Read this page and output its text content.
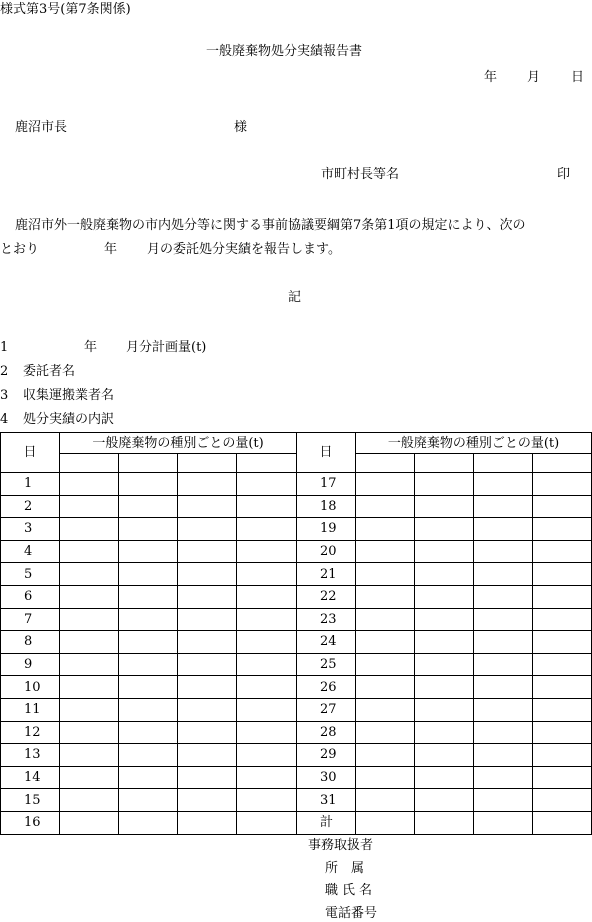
様式第3号(第7条関係)
一般廃棄物処分実績報告書
年 月 日
鹿沼市長	様
市町村長等名	印
鹿沼市外一般廃棄物の市内処分等に関する事前協議要綱第7条第1項の規定により、次の
とおり	年 月の委託処分実績を報告します。
記
1	年 月分計画量(t)
2 委託者名
3 収集運搬業者名
4 処分実績の内訳
日	一般廃棄物の種別ごとの量(t)				日	一般廃棄物の種別ごとの量(t)			

1					17				
2					18				
3					19				
4					20				
5					21				
6					22				
7					23				
8					24				
9					25				
10					26				
11					27				
12					28				
13					29				
14					30				
15					31				
16					計				
事務取扱者
所属
職氏名
電話番号
